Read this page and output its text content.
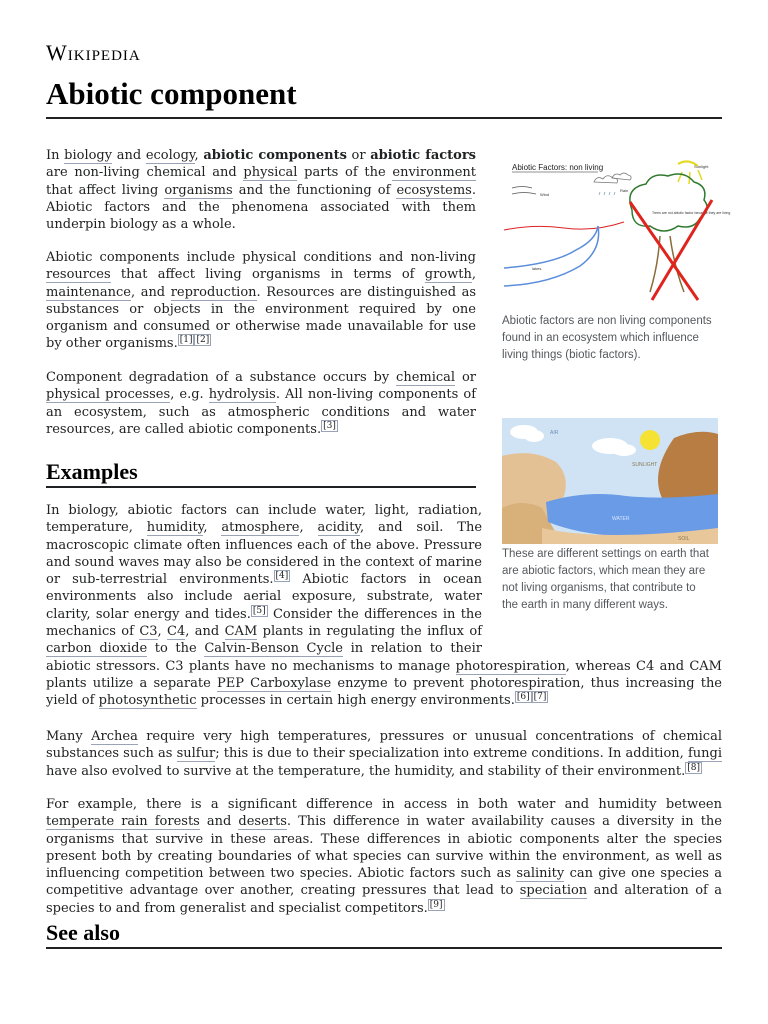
Wikipedia
Abiotic component

In biology and ecology, abiotic components or abiotic factors are non-living chemical and physical parts of the environment that affect living organisms and the functioning of ecosystems. Abiotic factors and the phenomena associated with them underpin biology as a whole.

Abiotic components include physical conditions and non-living resources that affect living organisms in terms of growth, maintenance, and reproduction. Resources are distinguished as substances or objects in the environment required by one organism and consumed or otherwise made unavailable for use by other organisms. [1] [2]

Component degradation of a substance occurs by chemical or physical processes, e.g. hydrolysis. All non-living components of an ecosystem, such as atmospheric conditions and water resources, are called abiotic components. [3]

Examples

In biology, abiotic factors can include water, light, radiation, temperature, humidity, atmosphere, acidity, and soil. The macroscopic climate often influences each of the above. Pressure and sound waves may also be considered in the context of marine or sub-terrestrial environments. [4] Abiotic factors in ocean environments also include aerial exposure, substrate, water clarity, solar energy and tides. [5] Consider the differences in the mechanics of C3, C4, and CAM plants in regulating the influx of carbon dioxide to the Calvin-Benson Cycle in relation to their abiotic stressors. C3 plants have no mechanisms to manage photorespiration, whereas C4 and CAM plants utilize a separate PEP Carboxylase enzyme to prevent photorespiration, thus increasing the yield of photosynthetic processes in certain high energy environments. [6] [7]

Many Archea require very high temperatures, pressures or unusual concentrations of chemical substances such as sulfur; this is due to their specialization into extreme conditions. In addition, fungi have also evolved to survive at the temperature, the humidity, and stability of their environment. [8]

For example, there is a significant difference in access in both water and humidity between temperate rain forests and deserts. This difference in water availability causes a diversity in the organisms that survive in these areas. These differences in abiotic components alter the species present both by creating boundaries of what species can survive within the environment, as well as influencing competition between two species. Abiotic factors such as salinity can give one species a competitive advantage over another, creating pressures that lead to speciation and alteration of a species to and from generalist and specialist competitors. [9]

See also
Abiotic Factors: non living	Sunlight
Rain
Wind
lakes
Trees are not abiotic factor because they are living

Abiotic factors are non living components found in an ecosystem which influence living things (biotic factors).

AIR
SUNLIGHT
WATER
SOIL

These are different settings on earth that are abiotic factors, which mean they are not living organisms, that contribute to the earth in many different ways.
